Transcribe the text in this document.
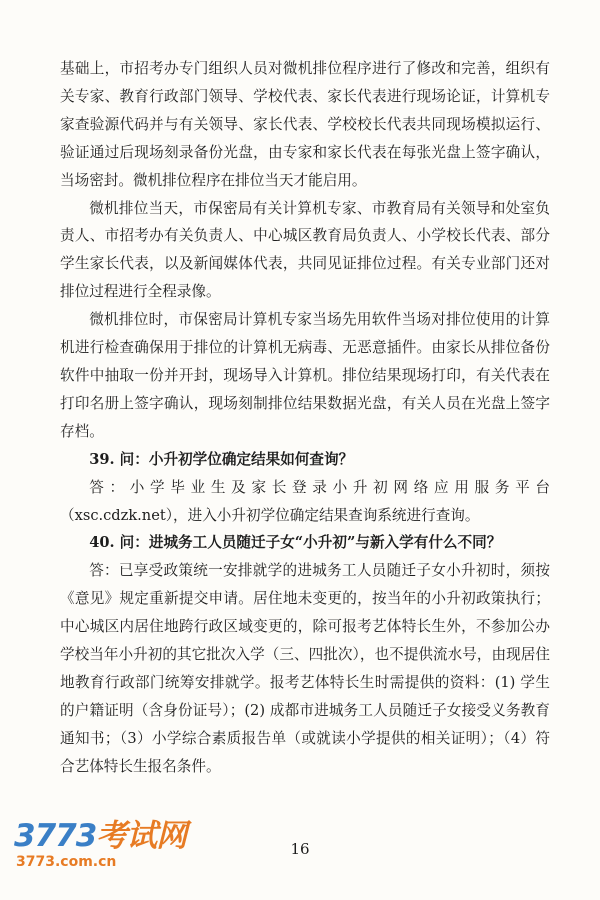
基础上，市招考办专门组织人员对微机排位程序进行了修改和完善，组织有关专家、教育行政部门领导、学校代表、家长代表进行现场论证，计算机专家查验源代码并与有关领导、家长代表、学校校长代表共同现场模拟运行、验证通过后现场刻录备份光盘，由专家和家长代表在每张光盘上签字确认，当场密封。微机排位程序在排位当天才能启用。

微机排位当天，市保密局有关计算机专家、市教育局有关领导和处室负责人、市招考办有关负责人、中心城区教育局负责人、小学校长代表、部分学生家长代表，以及新闻媒体代表，共同见证排位过程。有关专业部门还对排位过程进行全程录像。

微机排位时，市保密局计算机专家当场先用软件当场对排位使用的计算机进行检查确保用于排位的计算机无病毒、无恶意插件。由家长从排位备份软件中抽取一份并开封，现场导入计算机。排位结果现场打印，有关代表在打印名册上签字确认，现场刻制排位结果数据光盘，有关人员在光盘上签字存档。

39. 问：小升初学位确定结果如何查询？

答：小学毕业生及家长登录小升初网络应用服务平台（xsc.cdzk.net），进入小升初学位确定结果查询系统进行查询。

40. 问：进城务工人员随迁子女“小升初”与新入学有什么不同？

答：已享受政策统一安排就学的进城务工人员随迁子女小升初时，须按《意见》规定重新提交申请。居住地未变更的，按当年的小升初政策执行；中心城区内居住地跨行政区域变更的，除可报考艺体特长生外，不参加公办学校当年小升初的其它批次入学（三、四批次），也不提供流水号，由现居住地教育行政部门统筹安排就学。报考艺体特长生时需提供的资料：(1) 学生的户籍证明（含身份证号）；(2) 成都市进城务工人员随迁子女接受义务教育通知书；（3）小学综合素质报告单（或就读小学提供的相关证明）；（4）符合艺体特长生报名条件。

16
3773考试网
3773.com.cn
